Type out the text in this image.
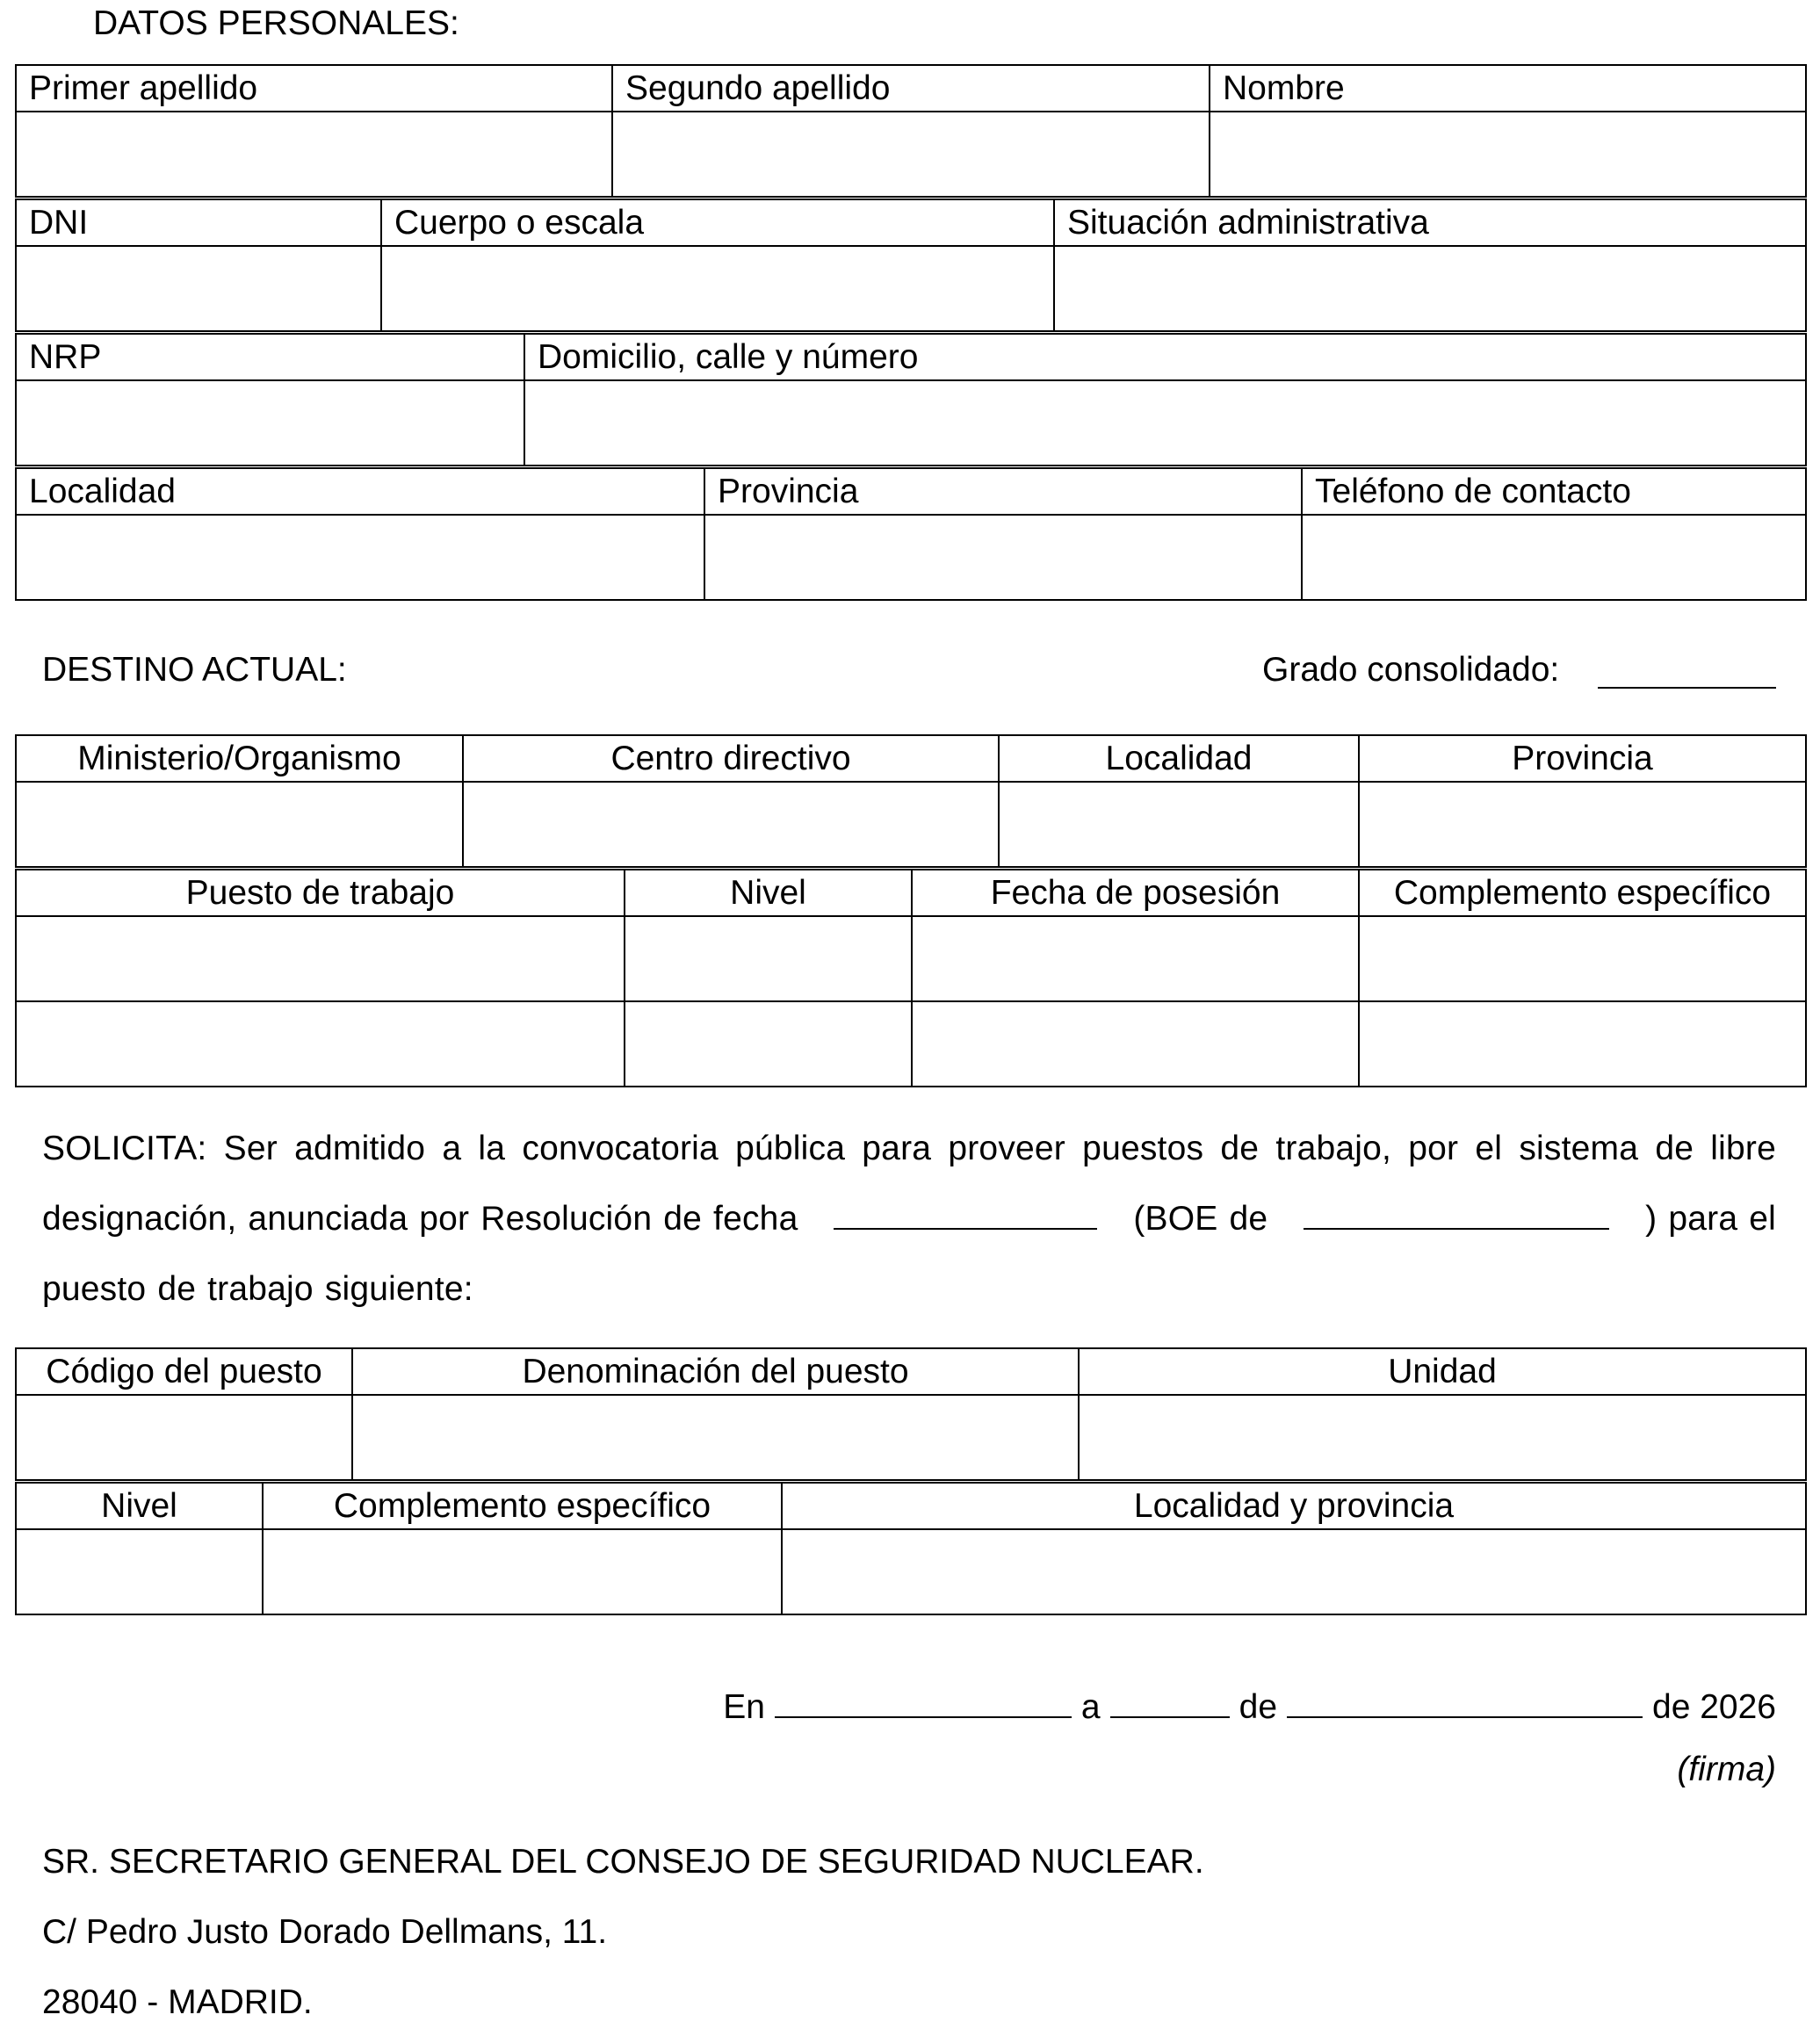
DATOS PERSONALES:
Primer apellido	Segundo apellido	Nombre

DNI	Cuerpo o escala	Situación administrativa

NRP	Domicilio, calle y número

Localidad	Provincia	Teléfono de contacto

DESTINO ACTUAL:	Grado consolidado:
Ministerio/Organismo	Centro directivo	Localidad	Provincia

Puesto de trabajo	Nivel	Fecha de posesión	Complemento específico

SOLICITA: Ser admitido a la convocatoria pública para proveer puestos de trabajo, por el sistema de libre
designación, anunciada por Resolución de fecha	(BOE de	) para el
puesto de trabajo siguiente:
Código del puesto	Denominación del puesto	Unidad

Nivel	Complemento específico	Localidad y provincia

En	a	de	de 2026
(firma)
SR. SECRETARIO GENERAL DEL CONSEJO DE SEGURIDAD NUCLEAR.
C/ Pedro Justo Dorado Dellmans, 11.
28040 - MADRID.
